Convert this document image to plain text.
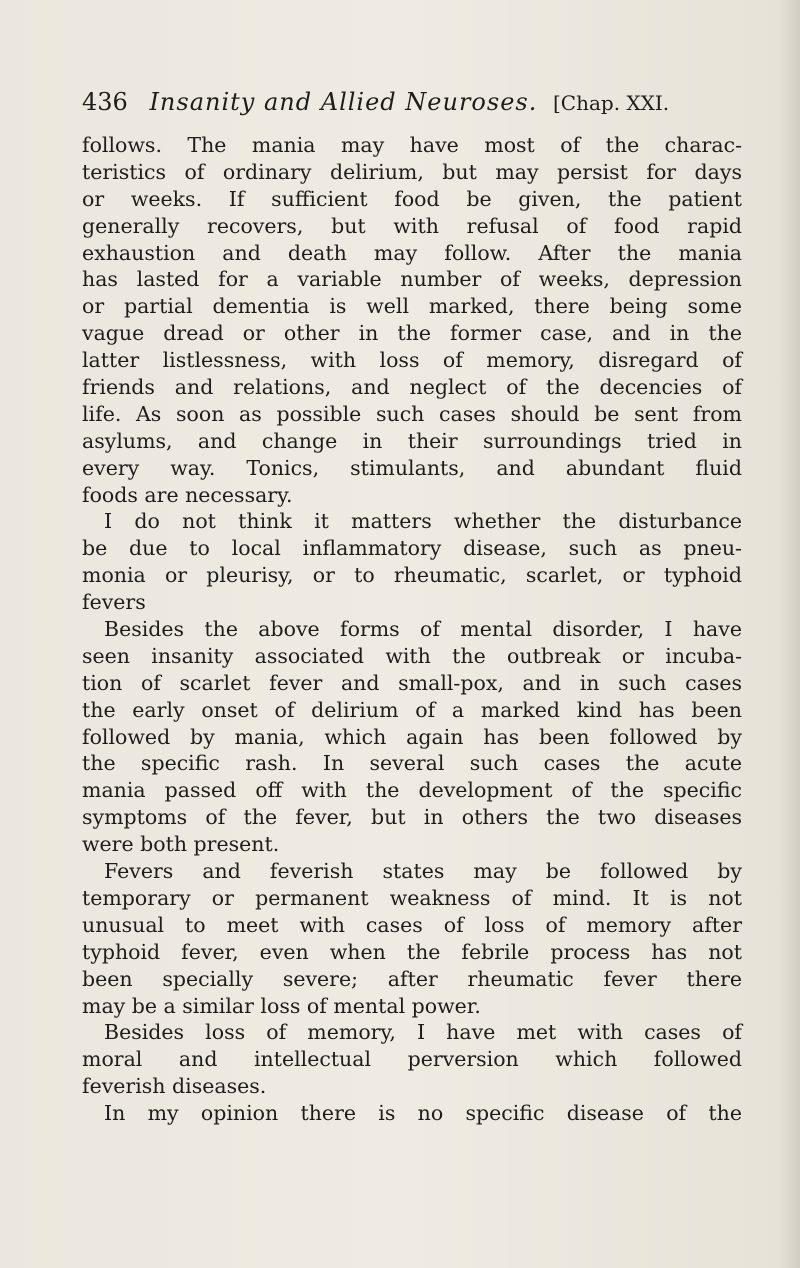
436 Insanity and Allied Neuroses. [Chap. XXI.
follows. The mania may have most of the charac-
teristics of ordinary delirium, but may persist for days
or weeks. If sufficient food be given, the patient
generally recovers, but with refusal of food rapid
exhaustion and death may follow. After the mania
has lasted for a variable number of weeks, depression
or partial dementia is well marked, there being some
vague dread or other in the former case, and in the
latter listlessness, with loss of memory, disregard of
friends and relations, and neglect of the decencies of
life. As soon as possible such cases should be sent from
asylums, and change in their surroundings tried in
every way. Tonics, stimulants, and abundant fluid
foods are necessary.
I do not think it matters whether the disturbance
be due to local inflammatory disease, such as pneu-
monia or pleurisy, or to rheumatic, scarlet, or typhoid
fevers
Besides the above forms of mental disorder, I have
seen insanity associated with the outbreak or incuba-
tion of scarlet fever and small-pox, and in such cases
the early onset of delirium of a marked kind has been
followed by mania, which again has been followed by
the specific rash. In several such cases the acute
mania passed off with the development of the specific
symptoms of the fever, but in others the two diseases
were both present.
Fevers and feverish states may be followed by
temporary or permanent weakness of mind. It is not
unusual to meet with cases of loss of memory after
typhoid fever, even when the febrile process has not
been specially severe; after rheumatic fever there
may be a similar loss of mental power.
Besides loss of memory, I have met with cases of
moral and intellectual perversion which followed
feverish diseases.
In my opinion there is no specific disease of the
